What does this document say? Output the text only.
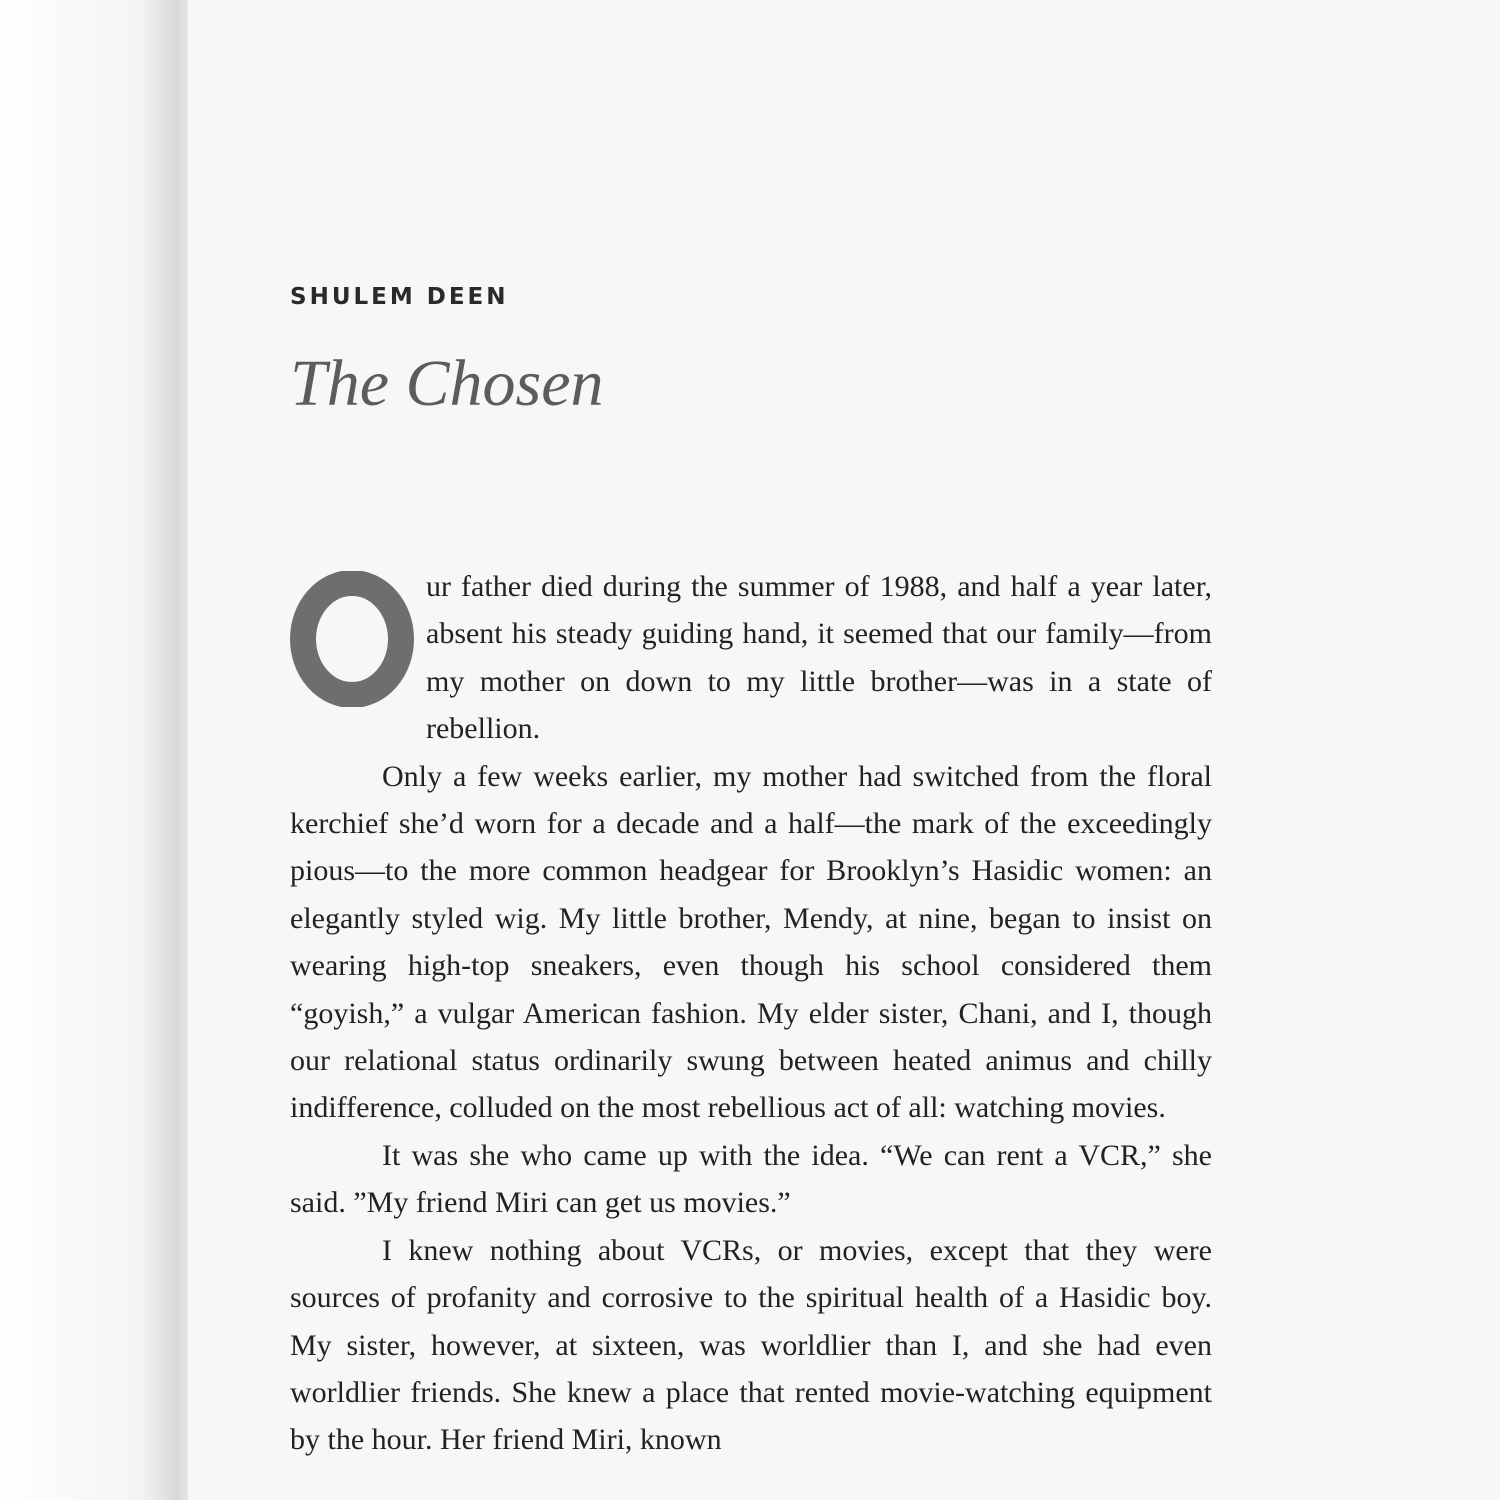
SHULEM DEEN
The Chosen

ur father died during the summer of 1988, and half a year later, absent his steady guiding hand, it seemed that our family—from my mother on down to my little brother—was in a state of rebellion.

Only a few weeks earlier, my mother had switched from the floral kerchief she’d worn for a decade and a half—the mark of the exceedingly pious—to the more common headgear for Brooklyn’s Hasidic women: an elegantly styled wig. My little brother, Mendy, at nine, began to insist on wearing high-top sneakers, even though his school considered them “goyish,” a vulgar American fashion. My elder sister, Chani, and I, though our relational status ordinarily swung between heated animus and chilly indifference, colluded on the most rebellious act of all: watching movies.

It was she who came up with the idea. “We can rent a VCR,” she said. ”My friend Miri can get us movies.”

I knew nothing about VCRs, or movies, except that they were sources of profanity and corrosive to the spiritual health of a Hasidic boy. My sister, however, at sixteen, was worldlier than I, and she had even worldlier friends. She knew a place that rented movie-watching equipment by the hour. Her friend Miri, known
